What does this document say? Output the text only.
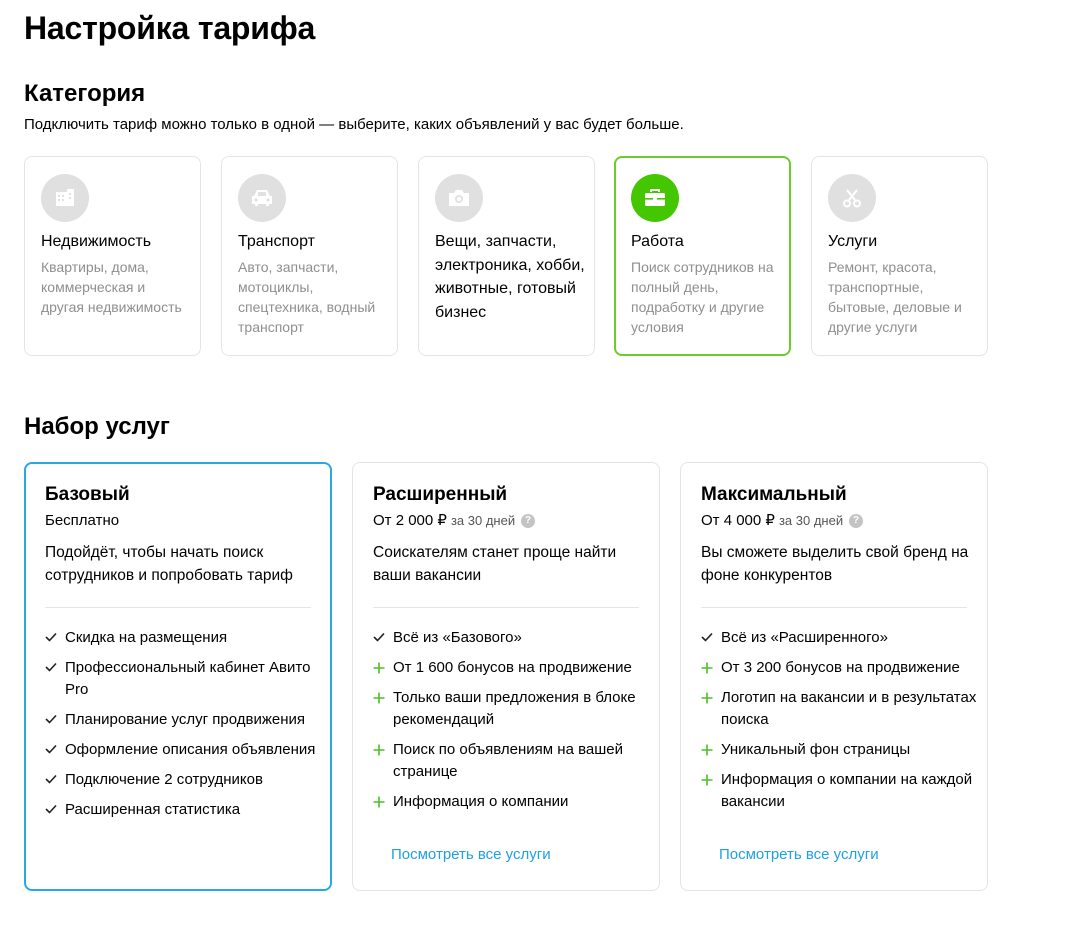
Настройка тарифа
Категория

Подключить тариф можно только в одной — выберите, каких объявлений у вас будет больше.

Недвижимость
Квартиры, дома, коммерческая и другая недвижимость
Транспорт
Авто, запчасти, мотоциклы, спецтехника, водный транспорт
Вещи, запчасти, электроника, хобби, животные, готовый бизнес
Работа
Поиск сотрудников на полный день, подработку и другие условия
Услуги
Ремонт, красота, транспортные, бытовые, деловые и другие услуги
Набор услуг
Базовый
Бесплатно
Подойдёт, чтобы начать поиск сотрудников и попробовать тариф
Скидка на размещения
Профессиональный кабинет Авито Pro
Планирование услуг продвижения
Оформление описания объявления
Подключение 2 сотрудников
Расширенная статистика
Расширенный
От 2 000 ₽ за 30 дней ?
Соискателям станет проще найти ваши вакансии
Всё из «Базового»
От 1 600 бонусов на продвижение
Только ваши предложения в блоке рекомендаций
Поиск по объявлениям на вашей странице
Информация о компании
Посмотреть все услуги
Максимальный
От 4 000 ₽ за 30 дней ?
Вы сможете выделить свой бренд на фоне конкурентов
Всё из «Расширенного»
От 3 200 бонусов на продвижение
Логотип на вакансии и в результатах поиска
Уникальный фон страницы
Информация о компании на каждой вакансии
Посмотреть все услуги
